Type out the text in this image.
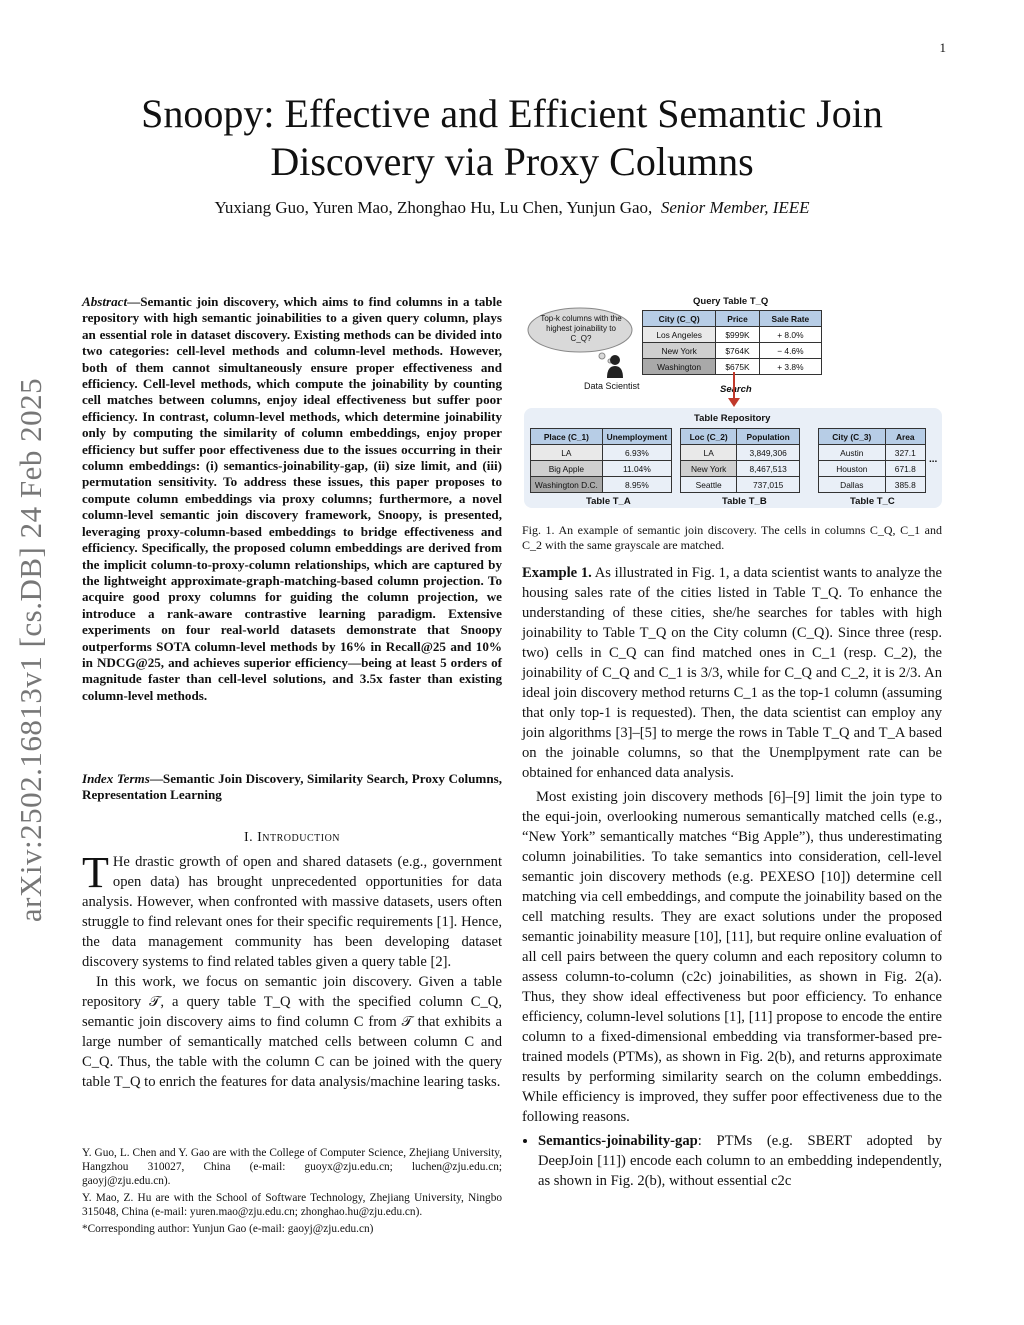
1
Snoopy: Effective and Efficient Semantic Join
Discovery via Proxy Columns
Yuxiang Guo, Yuren Mao, Zhonghao Hu, Lu Chen, Yunjun Gao, Senior Member, IEEE
arXiv:2502.16813v1 [cs.DB] 24 Feb 2025
Abstract—Semantic join discovery, which aims to find columns in a table repository with high semantic joinabilities to a given query column, plays an essential role in dataset discovery. Existing methods can be divided into two categories: cell-level methods and column-level methods. However, both of them cannot simultaneously ensure proper effectiveness and efficiency. Cell-level methods, which compute the joinability by counting cell matches between columns, enjoy ideal effectiveness but suffer poor efficiency. In contrast, column-level methods, which determine joinability only by computing the similarity of column embeddings, enjoy proper efficiency but suffer poor effectiveness due to the issues occurring in their column embeddings: (i) semantics-joinability-gap, (ii) size limit, and (iii) permutation sensitivity. To address these issues, this paper proposes to compute column embeddings via proxy columns; furthermore, a novel column-level semantic join discovery framework, Snoopy, is presented, leveraging proxy-column-based embeddings to bridge effectiveness and efficiency. Specifically, the proposed column embeddings are derived from the implicit column-to-proxy-column relationships, which are captured by the lightweight approximate-graph-matching-based column projection. To acquire good proxy columns for guiding the column projection, we introduce a rank-aware contrastive learning paradigm. Extensive experiments on four real-world datasets demonstrate that Snoopy outperforms SOTA column-level methods by 16% in Recall@25 and 10% in NDCG@25, and achieves superior efficiency—being at least 5 orders of magnitude faster than cell-level solutions, and 3.5x faster than existing column-level methods.
Index Terms—Semantic Join Discovery, Similarity Search, Proxy Columns, Representation Learning
I. Introduction

T He drastic growth of open and shared datasets (e.g., government open data) has brought unprecedented opportunities for data analysis. However, when confronted with massive datasets, users often struggle to find relevant ones for their specific requirements [1]. Hence, the data management community has been developing dataset discovery systems to find related tables given a query table [2].

In this work, we focus on semantic join discovery. Given a table repository 𝒯, a query table T_Q with the specified column C_Q, semantic join discovery aims to find column C from 𝒯 that exhibits a large number of semantically matched cells between column C and C_Q. Thus, the table with the column C can be joined with the query table T_Q to enrich the features for data analysis/machine learing tasks.

Y. Guo, L. Chen and Y. Gao are with the College of Computer Science, Zhejiang University, Hangzhou 310027, China (e-mail: guoyx@zju.edu.cn; luchen@zju.edu.cn; gaoyj@zju.edu.cn).

Y. Mao, Z. Hu are with the School of Software Technology, Zhejiang University, Ningbo 315048, China (e-mail: yuren.mao@zju.edu.cn; zhonghao.hu@zju.edu.cn).

*Corresponding author: Yunjun Gao (e-mail: gaoyj@zju.edu.cn)

Top-k columns with the highest joinability to C_Q?
Data Scientist
Query Table T_Q
City (C_Q)	Price	Sale Rate
Los Angeles	$999K	+ 8.0%
New York	$764K	− 4.6%
Washington	$675K	+ 3.8%
Search
Table Repository
Place (C_1)	Unemployment
LA	6.93%
Big Apple	11.04%
Washington D.C.	8.95%
Table T_A
Loc (C_2)	Population
LA	3,849,306
New York	8,467,513
Seattle	737,015
Table T_B
City (C_3)	Area
Austin	327.1
Houston	671.8
Dallas	385.8
Table T_C
...
Fig. 1. An example of semantic join discovery. The cells in columns C_Q, C_1 and C_2 with the same grayscale are matched.

Example 1. As illustrated in Fig. 1, a data scientist wants to analyze the housing sales rate of the cities listed in Table T_Q. To enhance the understanding of these cities, she/he searches for tables with high joinability to Table T_Q on the City column (C_Q). Since three (resp. two) cells in C_Q can find matched ones in C_1 (resp. C_2), the joinability of C_Q and C_1 is 3/3, while for C_Q and C_2, it is 2/3. An ideal join discovery method returns C_1 as the top-1 column (assuming that only top-1 is requested). Then, the data scientist can employ any join algorithms [3]–[5] to merge the rows in Table T_Q and T_A based on the joinable columns, so that the Unemplpyment rate can be obtained for enhanced data analysis.

Most existing join discovery methods [6]–[9] limit the join type to the equi-join, overlooking numerous semantically matched cells (e.g., “New York” semantically matches “Big Apple”), thus underestimating column joinabilities. To take semantics into consideration, cell-level semantic join discovery methods (e.g. PEXESO [10]) determine cell matching via cell embeddings, and compute the joinability based on the cell matching results. They are exact solutions under the proposed semantic joinability measure [10], [11], but require online evaluation of all cell pairs between the query column and each repository column to assess column-to-column (c2c) joinabilities, as shown in Fig. 2(a). Thus, they show ideal effectiveness but poor efficiency. To enhance efficiency, column-level solutions [1], [11] propose to encode the entire column to a fixed-dimensional embedding via transformer-based pre-trained models (PTMs), as shown in Fig. 2(b), and returns approximate results by performing similarity search on the column embeddings. While efficiency is improved, they suffer poor effectiveness due to the following reasons.

• Semantics-joinability-gap: PTMs (e.g. SBERT adopted by DeepJoin [11]) encode each column to an embedding independently, as shown in Fig. 2(b), without essential c2c
